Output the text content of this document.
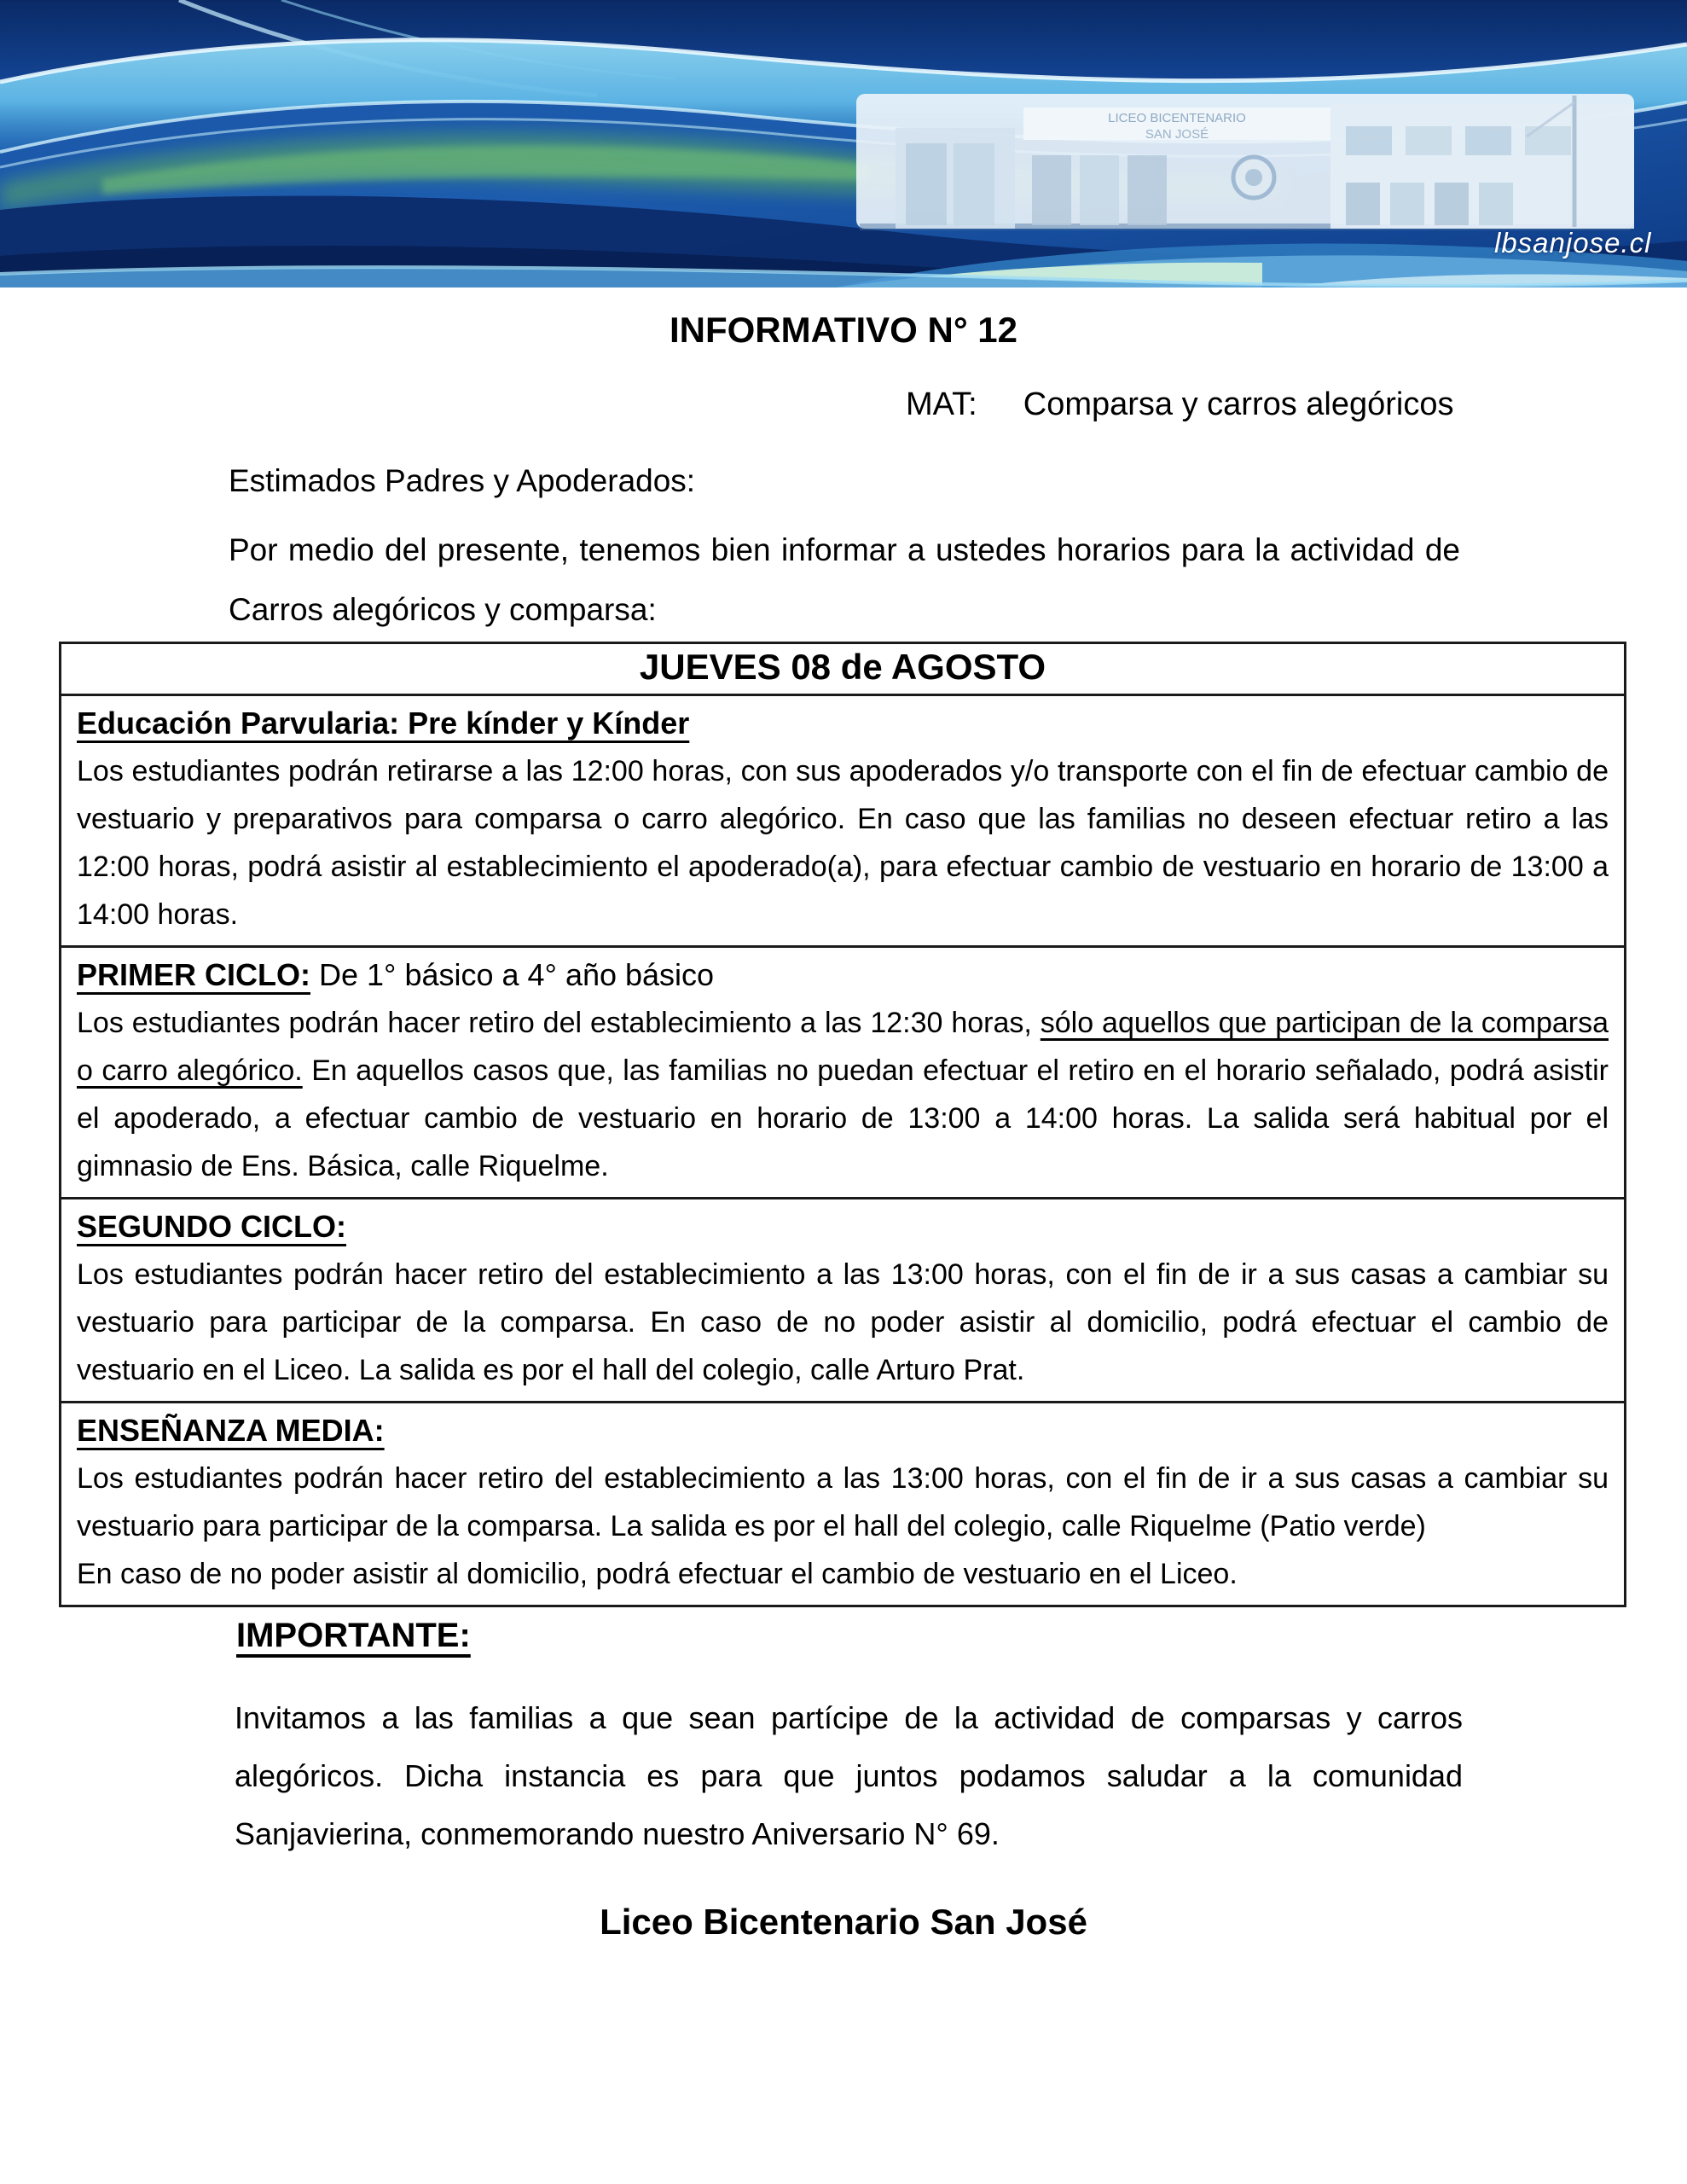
LICEO BICENTENARIO
SAN JOSÉ
lbsanjose.cl
INFORMATIVO N° 12
MAT: Comparsa y carros alegóricos

Estimados Padres y Apoderados:

Por medio del presente, tenemos bien informar a ustedes horarios para la actividad de Carros alegóricos y comparsa:

JUEVES 08 de AGOSTO

Educación Parvularia: Pre kínder y Kínder
Los estudiantes podrán retirarse a las 12:00 horas, con sus apoderados y/o transporte con el fin de efectuar cambio de vestuario y preparativos para comparsa o carro alegórico. En caso que las familias no deseen efectuar retiro a las 12:00 horas, podrá asistir al establecimiento el apoderado(a), para efectuar cambio de vestuario en horario de 13:00 a 14:00 horas.

PRIMER CICLO: De 1° básico a 4° año básico
Los estudiantes podrán hacer retiro del establecimiento a las 12:30 horas, sólo aquellos que participan de la comparsa o carro alegórico. En aquellos casos que, las familias no puedan efectuar el retiro en el horario señalado, podrá asistir el apoderado, a efectuar cambio de vestuario en horario de 13:00 a 14:00 horas. La salida será habitual por el gimnasio de Ens. Básica, calle Riquelme.

SEGUNDO CICLO:
Los estudiantes podrán hacer retiro del establecimiento a las 13:00 horas, con el fin de ir a sus casas a cambiar su vestuario para participar de la comparsa. En caso de no poder asistir al domicilio, podrá efectuar el cambio de vestuario en el Liceo. La salida es por el hall del colegio, calle Arturo Prat.

ENSEÑANZA MEDIA:
Los estudiantes podrán hacer retiro del establecimiento a las 13:00 horas, con el fin de ir a sus casas a cambiar su vestuario para participar de la comparsa. La salida es por el hall del colegio, calle Riquelme (Patio verde)
En caso de no poder asistir al domicilio, podrá efectuar el cambio de vestuario en el Liceo.
IMPORTANTE:

Invitamos a las familias a que sean partícipe de la actividad de comparsas y carros alegóricos. Dicha instancia es para que juntos podamos saludar a la comunidad Sanjavierina, conmemorando nuestro Aniversario N° 69.

Liceo Bicentenario San José
